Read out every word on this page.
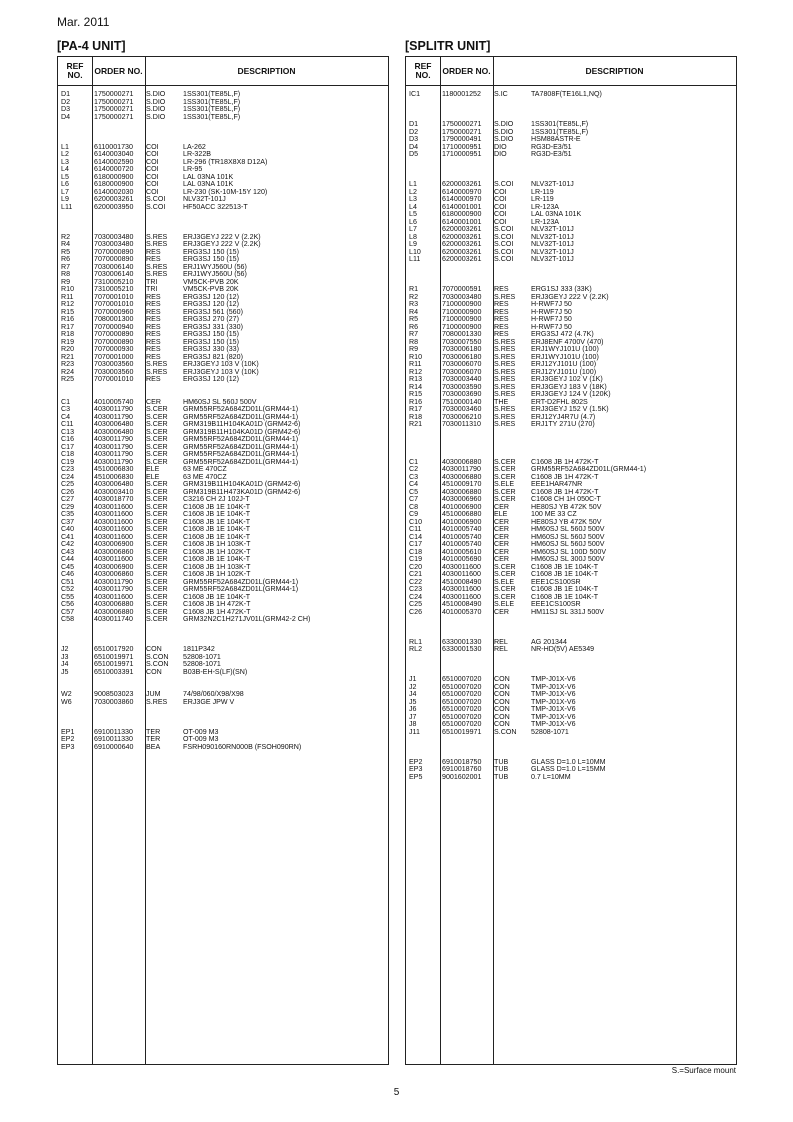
Mar. 2011
[PA-4 UNIT]	[SPLITR UNIT]
REF NO.	ORDER NO.	DESCRIPTION
D1	1750000271 S.DIO 1SS301(TE85L,F)
D2	1750000271 S.DIO 1SS301(TE85L,F)
D3	1750000271 S.DIO 1SS301(TE85L,F)
D4	1750000271 S.DIO 1SS301(TE85L,F)
L1	6110001730 COI	LA-262
L2	6140003040 COI	LR-322B
L3	6140002590 COI	LR-296 (TR18X8X8 D12A)
L4	6140000720 COI	LR-95
L5	6180000900 COI	LAL 03NA 101K
L6	6180000900 COI	LAL 03NA 101K
L7	6140002030 COI	LR-230 (SK-10M-15Y 120)
L9	6200003261 S.COI NLV32T-101J
L11	6200003950 S.COI HF50ACC 322513-T
R2	7030003480 S.RES ERJ3GEYJ 222 V (2.2K)
R4	7030003480 S.RES ERJ3GEYJ 222 V (2.2K)
R5	7070000890 RES	ERG3SJ 150 (15)
R6	7070000890 RES	ERG3SJ 150 (15)
R7	7030006140 S.RES ERJ1WYJ560U (56)
R8	7030006140 S.RES ERJ1WYJ560U (56)
R9	7310005210 TRI	VM5CK-PVB 20K
R10	7310005210 TRI	VM5CK-PVB 20K
R11	7070001010 RES	ERG3SJ 120 (12)
R12	7070001010 RES	ERG3SJ 120 (12)
R15	7070000960 RES	ERG3SJ 561 (560)
R16	7080001300 RES	ERG3SJ 270 (27)
R17	7070000940 RES	ERG3SJ 331 (330)
R18	7070000890 RES	ERG3SJ 150 (15)
R19	7070000890 RES	ERG3SJ 150 (15)
R20	7070000930 RES	ERG3SJ 330 (33)
R21	7070001000 RES	ERG3SJ 821 (820)
R23	7030003560 S.RES ERJ3GEYJ 103 V (10K)
R24	7030003560 S.RES ERJ3GEYJ 103 V (10K)
R25	7070001010 RES	ERG3SJ 120 (12)
C1	4010005740 CER	HM60SJ SL 560J 500V
C3	4030011790 S.CER GRM55RF52A684ZD01L(GRM44-1)
C4	4030011790 S.CER GRM55RF52A684ZD01L(GRM44-1)
C11	4030006480 S.CER GRM319B11H104KA01D (GRM42-6)
C13	4030006480 S.CER GRM319B11H104KA01D (GRM42-6)
C16	4030011790 S.CER GRM55RF52A684ZD01L(GRM44-1)
C17	4030011790 S.CER GRM55RF52A684ZD01L(GRM44-1)
C18	4030011790 S.CER GRM55RF52A684ZD01L(GRM44-1)
C19	4030011790 S.CER GRM55RF52A684ZD01L(GRM44-1)
C23	4510006830 ELE	63 ME 470CZ
C24	4510006830 ELE	63 ME 470CZ
C25	4030006480 S.CER GRM319B11H104KA01D (GRM42-6)
C26	4030003410 S.CER GRM319B11H473KA01D (GRM42-6)
C27	4030018770 S.CER C3216 CH 2J 102J-T
C29	4030011600 S.CER C1608 JB 1E 104K-T
C35	4030011600 S.CER C1608 JB 1E 104K-T
C37	4030011600 S.CER C1608 JB 1E 104K-T
C40	4030011600 S.CER C1608 JB 1E 104K-T
C41	4030011600 S.CER C1608 JB 1E 104K-T
C42	4030006900 S.CER C1608 JB 1H 103K-T
C43	4030006860 S.CER C1608 JB 1H 102K-T
C44	4030011600 S.CER C1608 JB 1E 104K-T
C45	4030006900 S.CER C1608 JB 1H 103K-T
C46	4030006860 S.CER C1608 JB 1H 102K-T
C51	4030011790 S.CER GRM55RF52A684ZD01L(GRM44-1)
C52	4030011790 S.CER GRM55RF52A684ZD01L(GRM44-1)
C55	4030011600 S.CER C1608 JB 1E 104K-T
C56	4030006880 S.CER C1608 JB 1H 472K-T
C57	4030006880 S.CER C1608 JB 1H 472K-T
C58	4030011740 S.CER GRM32N2C1H271JV01L(GRM42-2 CH)
J2	6510017920 CON	1811P342
J3	6510019971 S.CON 52808-1071
J4	6510019971 S.CON 52808-1071
J5	6510003391 CON	B03B-EH-S(LF)(SN)
W2	9008503023 JUM	74/98/060/X98/X98
W6	7030003860 S.RES ERJ3GE JPW V
EP1	6910011330 TER	OT-009 M3
EP2	6910011330 TER	OT-009 M3
EP3	6910000640 BEA	FSRH090160RN000B (FSOH090RN)
REF NO.	ORDER NO.	DESCRIPTION
IC1	1180001252 S.IC	TA7808F(TE16L1,NQ)
D1	1750000271 S.DIO 1SS301(TE85L,F)
D2	1750000271 S.DIO 1SS301(TE85L,F)
D3	1790000491 S.DIO HSM88ASTR-E
D4	1710000951 DIO	RG3D-E3/51
D5	1710000951 DIO	RG3D-E3/51
L1	6200003261 S.COI NLV32T-101J
L2	6140000970 COI	LR-119
L3	6140000970 COI	LR-119
L4	6140001001 COI	LR-123A
L5	6180000900 COI	LAL 03NA 101K
L6	6140001001 COI	LR-123A
L7	6200003261 S.COI NLV32T-101J
L8	6200003261 S.COI NLV32T-101J
L9	6200003261 S.COI NLV32T-101J
L10	6200003261 S.COI NLV32T-101J
L11	6200003261 S.COI NLV32T-101J
R1	7070000591 RES	ERG1SJ 333 (33K)
R2	7030003480 S.RES ERJ3GEYJ 222 V (2.2K)
R3	7100000900 RES	H-RWF7J 50
R4	7100000900 RES	H-RWF7J 50
R5	7100000900 RES	H-RWF7J 50
R6	7100000900 RES	H-RWF7J 50
R7	7080001330 RES	ERG3SJ 472 (4.7K)
R8	7030007550 S.RES ERJ8ENF 4700V (470)
R9	7030006180 S.RES ERJ1WYJ101U (100)
R10	7030006180 S.RES ERJ1WYJ101U (100)
R11	7030006070 S.RES ERJ12YJ101U (100)
R12	7030006070 S.RES ERJ12YJ101U (100)
R13	7030003440 S.RES ERJ3GEYJ 102 V (1K)
R14	7030003590 S.RES ERJ3GEYJ 183 V (18K)
R15	7030003690 S.RES ERJ3GEYJ 124 V (120K)
R16	7510000140 THE	ERT-D2FHL 802S
R17	7030003460 S.RES ERJ3GEYJ 152 V (1.5K)
R18	7030006210 S.RES ERJ12YJ4R7U (4.7)
R21	7030011310 S.RES ERJ1TY 271U (270)
C1	4030006880 S.CER C1608 JB 1H 472K-T
C2	4030011790 S.CER GRM55RF52A684ZD01L(GRM44-1)
C3	4030006880 S.CER C1608 JB 1H 472K-T
C4	4510009170 S.ELE EEE1HAR47NR
C5	4030006880 S.CER C1608 JB 1H 472K-T
C7	4030006960 S.CER C1608 CH 1H 050C-T
C8	4010006900 CER	HE80SJ YB 472K 50V
C9	4510006880 ELE	100 ME 33 CZ
C10	4010006900 CER	HE80SJ YB 472K 50V
C11	4010005740 CER	HM60SJ SL 560J 500V
C14	4010005740 CER	HM60SJ SL 560J 500V
C17	4010005740 CER	HM60SJ SL 560J 500V
C18	4010005610 CER	HM60SJ SL 100D 500V
C19	4010005690 CER	HM60SJ SL 300J 500V
C20	4030011600 S.CER C1608 JB 1E 104K-T
C21	4030011600 S.CER C1608 JB 1E 104K-T
C22	4510008490 S.ELE EEE1CS100SR
C23	4030011600 S.CER C1608 JB 1E 104K-T
C24	4030011600 S.CER C1608 JB 1E 104K-T
C25	4510008490 S.ELE EEE1CS100SR
C26	4010005370 CER	HM11SJ SL 331J 500V
RL1	6330001330 REL	AG 201344
RL2	6330001530 REL	NR-HD(5V) AE5349
J1	6510007020 CON	TMP-J01X-V6
J2	6510007020 CON	TMP-J01X-V6
J4	6510007020 CON	TMP-J01X-V6
J5	6510007020 CON	TMP-J01X-V6
J6	6510007020 CON	TMP-J01X-V6
J7	6510007020 CON	TMP-J01X-V6
J8	6510007020 CON	TMP-J01X-V6
J11	6510019971 S.CON 52808-1071
EP2	6910018750 TUB	GLASS D=1.0 L=10MM
EP3	6910018760 TUB	GLASS D=1.0 L=15MM
EP5	9001602001 TUB	0.7 L=10MM
S.=Surface mount
5
